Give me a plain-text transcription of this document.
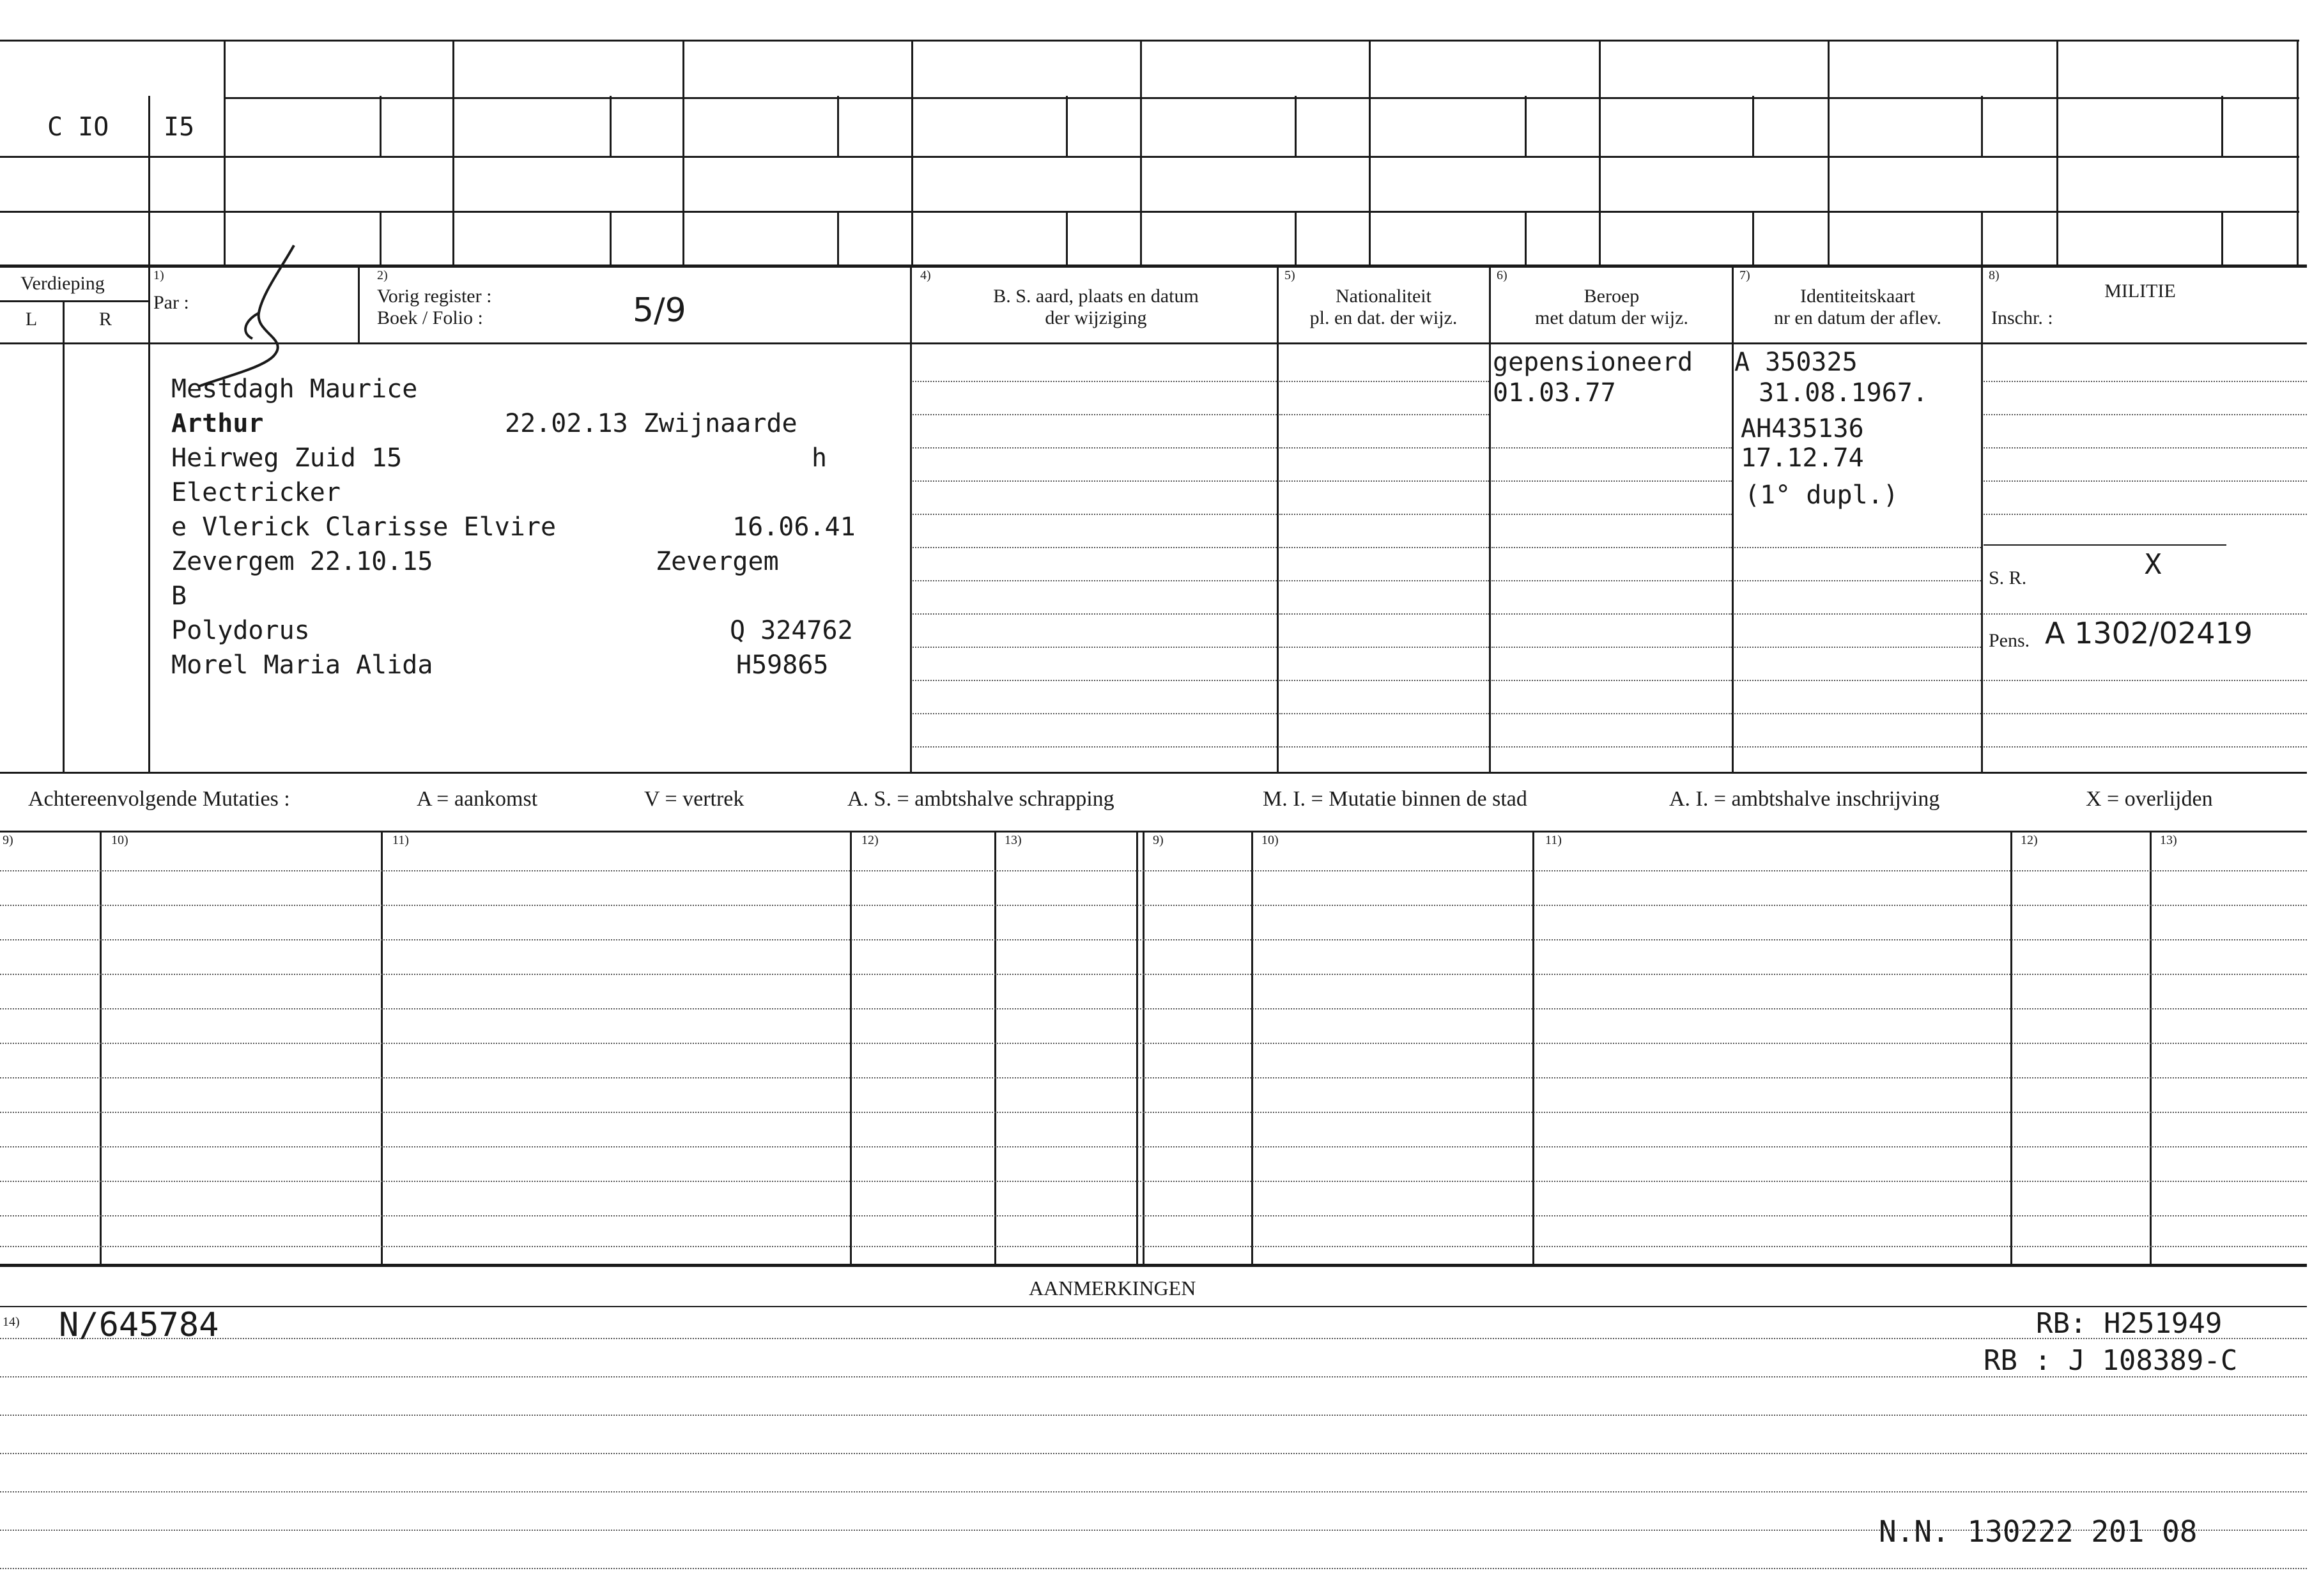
C IO I5
Verdieping
L	R
1)
Par :
2)
Vorig register :
Boek / Folio :	5/9
4)
B. S. aard, plaats en datum
der wijziging
5)
Nationaliteit
pl. en dat. der wijz.
6)
Beroep
met datum der wijz.
7)
Identiteitskaart
nr en datum der aflev.
8)
MILITIE
Inschr. :
Mestdagh Maurice
Arthur	22.02.13 Zwijnaarde
Heirweg Zuid 15	h
Electricker
e Vlerick Clarisse Elvire	16.06.41
Zevergem 22.10.15	Zevergem
B
Polydorus	Q 324762
Morel Maria Alida	H59865
gepensioneerd
01.03.77
A 350325
31.08.1967.
AH435136
17.12.74
(1° dupl.)
S. R.	X
Pens. A 1302/02419
Achtereenvolgende Mutaties :	A = aankomst	V = vertrek	A. S. = ambtshalve schrapping	M. I. = Mutatie binnen de stad	A. I. = ambtshalve inschrijving	X = overlijden
9)	10)	11)	12)	13)	9)	10)	11)	12)	13)
AANMERKINGEN
14) N/645784	RB: H251949
RB : J 108389-C
N.N. 130222 201 08
